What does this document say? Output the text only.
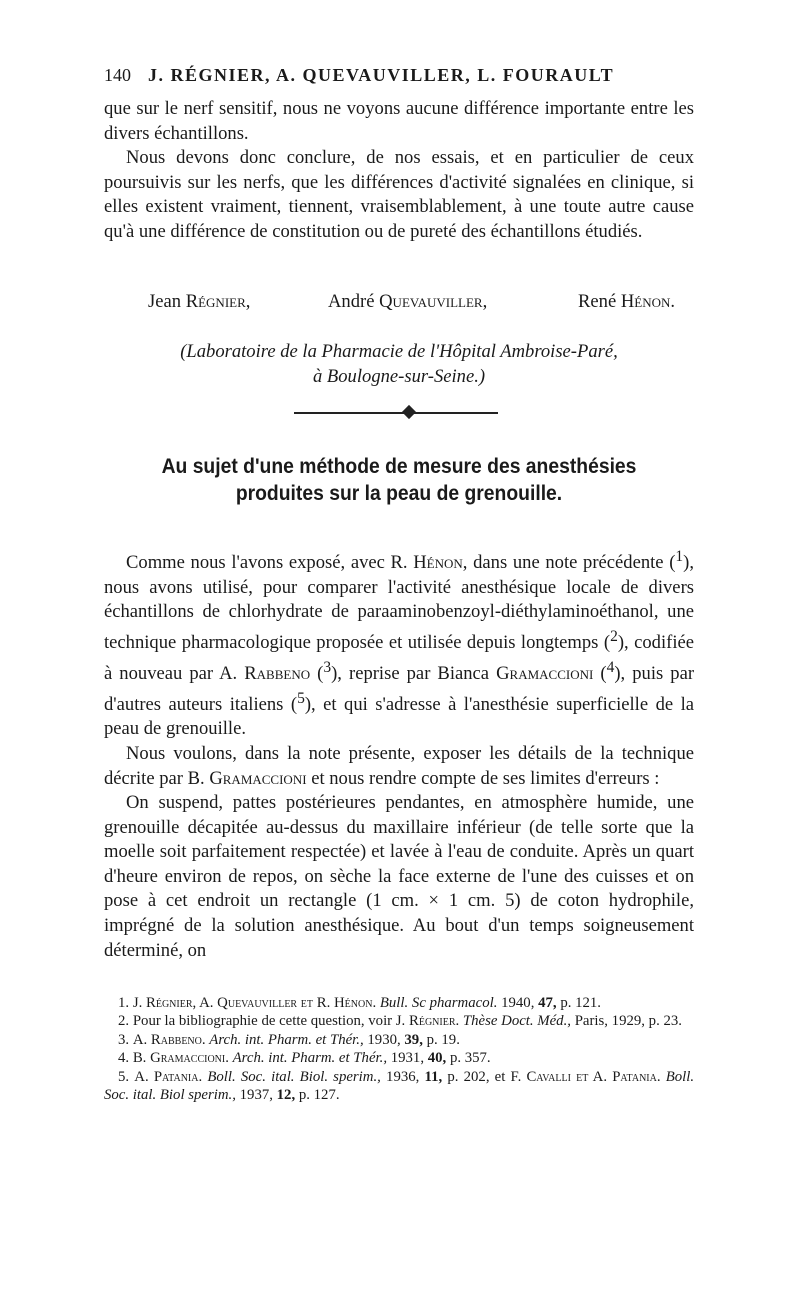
140 J. RÉGNIER, A. QUEVAUVILLER, L. FOURAULT

que sur le nerf sensitif, nous ne voyons aucune différence importante entre les divers échantillons.

Nous devons donc conclure, de nos essais, et en particulier de ceux poursuivis sur les nerfs, que les différences d'activité signalées en clinique, si elles existent vraiment, tiennent, vraisemblablement, à une toute autre cause qu'à une différence de constitution ou de pureté des échantillons étudiés.

Jean Régnier,	André Quevauviller,	René Hénon.
(Laboratoire de la Pharmacie de l'Hôpital Ambroise-Paré,
à Boulogne-sur-Seine.)
Au sujet d'une méthode de mesure des anesthésies
produites sur la peau de grenouille.

Comme nous l'avons exposé, avec R. Hénon, dans une note précédente ($^1$), nous avons utilisé, pour comparer l'activité anesthésique locale de divers échantillons de chlorhydrate de paraaminobenzoyl-diéthylaminoéthanol, une technique pharmacologique proposée et utilisée depuis longtemps ($^2$), codifiée à nouveau par A. Rabbeno ($^3$), reprise par Bianca Gramaccioni ($^4$), puis par d'autres auteurs italiens ($^5$), et qui s'adresse à l'anesthésie superficielle de la peau de grenouille.

Nous voulons, dans la note présente, exposer les détails de la technique décrite par B. Gramaccioni et nous rendre compte de ses limites d'erreurs :

On suspend, pattes postérieures pendantes, en atmosphère humide, une grenouille décapitée au-dessus du maxillaire inférieur (de telle sorte que la moelle soit parfaitement respectée) et lavée à l'eau de conduite. Après un quart d'heure environ de repos, on sèche la face externe de l'une des cuisses et on pose à cet endroit un rectangle (1 cm. × 1 cm. 5) de coton hydrophile, imprégné de la solution anesthésique. Au bout d'un temps soigneusement déterminé, on

1. J. Régnier, A. Quevauviller et R. Hénon. Bull. Sc pharmacol. 1940, 47, p. 121.

2. Pour la bibliographie de cette question, voir J. Régnier. Thèse Doct. Méd., Paris, 1929, p. 23.

3. A. Rabbeno. Arch. int. Pharm. et Thér., 1930, 39, p. 19.

4. B. Gramaccioni. Arch. int. Pharm. et Thér., 1931, 40, p. 357.

5. A. Patania. Boll. Soc. ital. Biol. sperim., 1936, 11, p. 202, et F. Cavalli et A. Patania. Boll. Soc. ital. Biol sperim., 1937, 12, p. 127.
